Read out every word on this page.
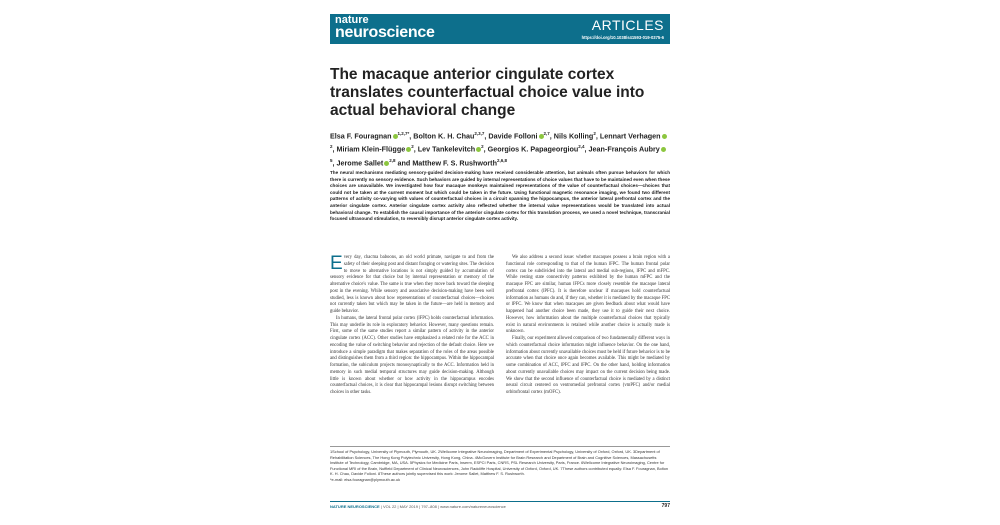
nature
neuroscience	ARTICLES
https://doi.org/10.1038/s41593-019-0375-6
The macaque anterior cingulate cortex translates counterfactual choice value into actual behavioral change

Elsa F. Fouragnan $^{1,2,7*}$, Bolton K. H. Chau$^{2,3,7}$, Davide Folloni $^{2,7}$, Nils Kolling$^2$, Lennart Verhagen$^2$, Miriam Klein-Flügge $^2$, Lev Tankelevitch $^2$, Georgios K. Papageorgiou$^{2,4}$, Jean-François Aubry$^5$, Jerome Sallet $^{2,8}$ and Matthew F. S. Rushworth$^{2,6,8}$

The neural mechanisms mediating sensory-guided decision-making have received considerable attention, but animals often pursue behaviors for which there is currently no sensory evidence. Such behaviors are guided by internal representations of choice values that have to be maintained even when these choices are unavailable. We investigated how four macaque monkeys maintained representations of the value of counterfactual choices—choices that could not be taken at the current moment but which could be taken in the future. Using functional magnetic resonance imaging, we found two different patterns of activity co-varying with values of counterfactual choices in a circuit spanning the hippocampus, the anterior lateral prefrontal cortex and the anterior cingulate cortex. Anterior cingulate cortex activity also reflected whether the internal value representations would be translated into actual behavioral change. To establish the causal importance of the anterior cingulate cortex for this translation process, we used a novel technique, transcranial focused ultrasound stimulation, to reversibly disrupt anterior cingulate cortex activity.

Every day, chacma baboons, an old world primate, navigate to and from the safety of their sleeping post and distant foraging or watering sites. The decision to move to alternative locations is not simply guided by accumulation of sensory evidence for that choice but by internal representation or memory of the alternative choice's value. The same is true when they move back toward the sleeping post in the evening. While sensory and associative decision-making have been well studied, less is known about how representations of counterfactual choices—choices not currently taken but which may be taken in the future—are held in memory and guide behavior.

In humans, the lateral frontal polar cortex (lFPC) holds counterfactual information. This may underlie its role in exploratory behavior. However, many questions remain. First, some of the same studies report a similar pattern of activity in the anterior cingulate cortex (ACC). Other studies have emphasized a related role for the ACC in encoding the value of switching behavior and rejection of the default choice. Here we introduce a simple paradigm that makes separation of the roles of the areas possible and distinguishes them from a third region: the hippocampus. Within the hippocampal formation, the subiculum projects monosynaptically to the ACC. Information held in memory in such medial temporal structures may guide decision-making. Although little is known about whether or how activity in the hippocampus encodes counterfactual choices, it is clear that hippocampal lesions disrupt switching between choices in other tasks.

We also address a second issue: whether macaques possess a brain region with a functional role corresponding to that of the human lFPC. The human frontal polar cortex can be subdivided into the lateral and medial sub-regions, lFPC and mFPC. While resting state connectivity patterns exhibited by the human mFPC and the macaque FPC are similar, human lFPCs more closely resemble the macaque lateral prefrontal cortex (lPFC). It is therefore unclear if macaques hold counterfactual information as humans do and, if they can, whether it is mediated by the macaque FPC or lPFC. We know that when macaques are given feedback about what would have happened had another choice been made, they use it to guide their next choice. However, how information about the multiple counterfactual choices that typically exist in natural environments is retained while another choice is actually made is unknown.

Finally, our experiment allowed comparison of two fundamentally different ways in which counterfactual choice information might influence behavior. On the one hand, information about currently unavailable choices must be held if future behavior is to be accurate when that choice once again becomes available. This might be mediated by some combination of ACC, lPFC and lFPC. On the other hand, holding information about currently unavailable choices may impact on the current decision being made. We show that the second influence of counterfactual choice is mediated by a distinct neural circuit centered on ventromedial prefrontal cortex (vmPFC) and/or medial orbitofrontal cortex (mOFC).

1School of Psychology, University of Plymouth, Plymouth, UK. 2Wellcome Integrative Neuroimaging, Department of Experimental Psychology, University of Oxford, Oxford, UK. 3Department of Rehabilitation Sciences, The Hong Kong Polytechnic University, Hong Kong, China. 4McGovern Institute for Brain Research and Department of Brain and Cognitive Sciences, Massachusetts Institute of Technology, Cambridge, MA, USA. 5Physics for Medicine Paris, Inserm, ESPCI Paris, CNRS, PSL Research University, Paris, France. 6Wellcome Integrative Neuroimaging, Centre for Functional MRI of the Brain, Nuffield Department of Clinical Neurosciences, John Radcliffe Hospital, University of Oxford, Oxford, UK. 7These authors contributed equally: Elsa F. Fouragnan, Bolton K. H. Chau, Davide Folloni. 8These authors jointly supervised this work: Jerome Sallet, Matthew F. S. Rushworth.
*e-mail: elsa.fouragnan@plymouth.ac.uk

NATURE NEUROSCIENCE | VOL 22 | MAY 2019 | 797–808 | www.nature.com/natureneuroscience	797
